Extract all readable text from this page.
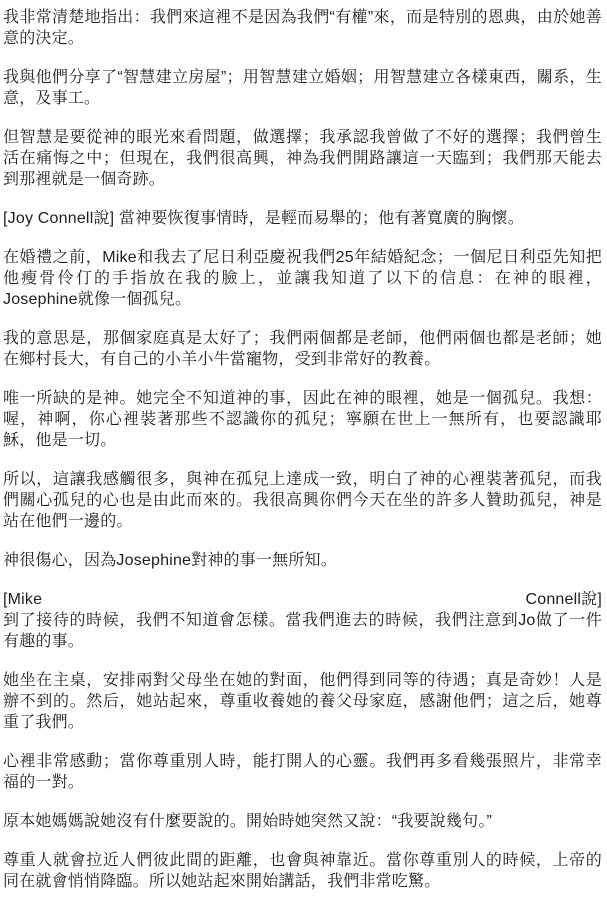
我非常清楚地指出：我們來這裡不是因為我們“有權”來，而是特別的恩典，由於她善意的決定。

我與他們分享了“智慧建立房屋”；用智慧建立婚姻；用智慧建立各樣東西，關系，生意，及事工。

但智慧是要從神的眼光來看問題，做選擇；我承認我曾做了不好的選擇；我們曾生活在痛悔之中；但現在，我們很高興，神為我們開路讓這一天臨到；我們那天能去到那裡就是一個奇跡。

[Joy Connell說] 當神要恢復事情時，是輕而易舉的；他有著寬廣的胸懷。

在婚禮之前，Mike和我去了尼日利亞慶祝我們25年結婚紀念；一個尼日利亞先知把他瘦骨伶仃的手指放在我的臉上，並讓我知道了以下的信息：在神的眼裡，Josephine就像一個孤兒。

我的意思是，那個家庭真是太好了；我們兩個都是老師，他們兩個也都是老師；她在鄉村長大，有自己的小羊小牛當寵物，受到非常好的教養。

唯一所缺的是神。她完全不知道神的事，因此在神的眼裡，她是一個孤兒。我想：喔，神啊，你心裡裝著那些不認識你的孤兒；寧願在世上一無所有，也要認識耶穌，他是一切。

所以，這讓我感觸很多，與神在孤兒上達成一致，明白了神的心裡裝著孤兒，而我們關心孤兒的心也是由此而來的。我很高興你們今天在坐的許多人贊助孤兒，神是站在他們一邊的。

神很傷心，因為Josephine對神的事一無所知。

[Mike	Connell說]
到了接待的時候，我們不知道會怎樣。當我們進去的時候，我們注意到Jo做了一件有趣的事。

她坐在主桌，安排兩對父母坐在她的對面，他們得到同等的待遇；真是奇妙！人是辦不到的。然后，她站起來，尊重收養她的養父母家庭，感謝他們；這之后，她尊重了我們。

心裡非常感動；當你尊重別人時，能打開人的心靈。我們再多看幾張照片，非常幸福的一對。

原本她媽媽說她沒有什麼要說的。開始時她突然又說：“我要說幾句。”

尊重人就會拉近人們彼此間的距離，也會與神靠近。當你尊重別人的時候，上帝的同在就會悄悄降臨。所以她站起來開始講話，我們非常吃驚。
